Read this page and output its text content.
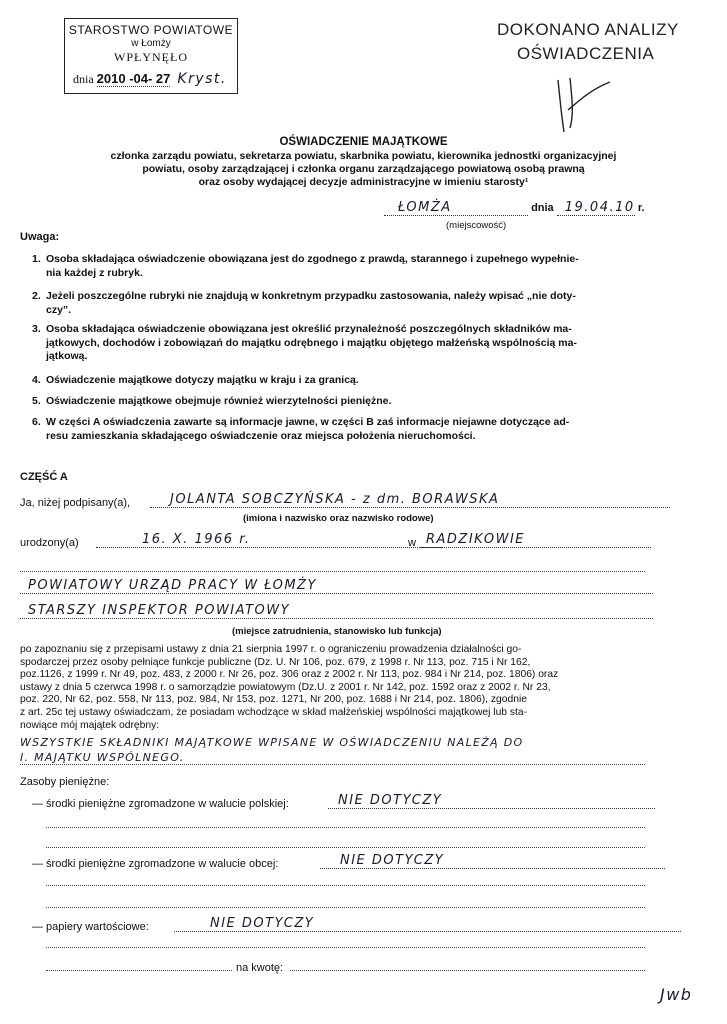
STAROSTWO POWIATOWE
w Łomży
WPŁYNĘŁO
dnia 2010 -04- 27 Kryst.
DOKONANO ANALIZY
OŚWIADCZENIA
OŚWIADCZENIE MAJĄTKOWE
członka zarządu powiatu, sekretarza powiatu, skarbnika powiatu, kierownika jednostki organizacyjnej
powiatu, osoby zarządzającej i członka organu zarządzającego powiatową osobą prawną
oraz osoby wydającej decyzje administracyjne w imieniu starosty¹
ŁOMŻA	dnia 19.04.10 r.
(miejscowość)
Uwaga:
1. Osoba składająca oświadczenie obowiązana jest do zgodnego z prawdą, starannego i zupełnego wypełnie-
nia każdej z rubryk.
2. Jeżeli poszczególne rubryki nie znajdują w konkretnym przypadku zastosowania, należy wpisać „nie doty-
czy”.
3. Osoba składająca oświadczenie obowiązana jest określić przynależność poszczególnych składników ma-
jątkowych, dochodów i zobowiązań do majątku odrębnego i majątku objętego małżeńską wspólnością ma-
jątkową.
4. Oświadczenie majątkowe dotyczy majątku w kraju i za granicą.
5. Oświadczenie majątkowe obejmuje również wierzytelności pieniężne.
6. W części A oświadczenia zawarte są informacje jawne, w części B zaś informacje niejawne dotyczące ad-
resu zamieszkania składającego oświadczenie oraz miejsca położenia nieruchomości.
CZĘŚĆ A
Ja, niżej podpisany(a),	JOLANTA SOBCZYŃSKA - z dm. BORAWSKA
(imiona i nazwisko oraz nazwisko rodowe)
urodzony(a)	16. X. 1966 r.	w RADZIKOWIE
POWIATOWY URZĄD PRACY W ŁOMŻY
STARSZY INSPEKTOR POWIATOWY
(miejsce zatrudnienia, stanowisko lub funkcja)
po zapoznaniu się z przepisami ustawy z dnia 21 sierpnia 1997 r. o ograniczeniu prowadzenia działalności go-
spodarczej przez osoby pełniące funkcje publiczne (Dz. U. Nr 106, poz. 679, z 1998 r. Nr 113, poz. 715 i Nr 162,
poz.1126, z 1999 r. Nr 49, poz. 483, z 2000 r. Nr 26, poz. 306 oraz z 2002 r. Nr 113, poz. 984 i Nr 214, poz. 1806) oraz
ustawy z dnia 5 czerwca 1998 r. o samorządzie powiatowym (Dz.U. z 2001 r. Nr 142, poz. 1592 oraz z 2002 r. Nr 23,
poz. 220, Nr 62, poz. 558, Nr 113, poz. 984, Nr 153, poz. 1271, Nr 200, poz. 1688 i Nr 214, poz. 1806), zgodnie
z art. 25c tej ustawy oświadczam, że posiadam wchodzące w skład małżeńskiej wspólności majątkowej lub sta-
nowiące mój majątek odrębny:
WSZYSTKIE SKŁADNIKI MAJĄTKOWE WPISANE W OŚWIADCZENIU NALEŻĄ DO
I. MAJĄTKU WSPÓLNEGO.
Zasoby pieniężne:
— środki pieniężne zgromadzone w walucie polskiej:	NIE DOTYCZY
— środki pieniężne zgromadzone w walucie obcej:	NIE DOTYCZY
— papiery wartościowe:	NIE DOTYCZY
na kwotę:
Jwb
